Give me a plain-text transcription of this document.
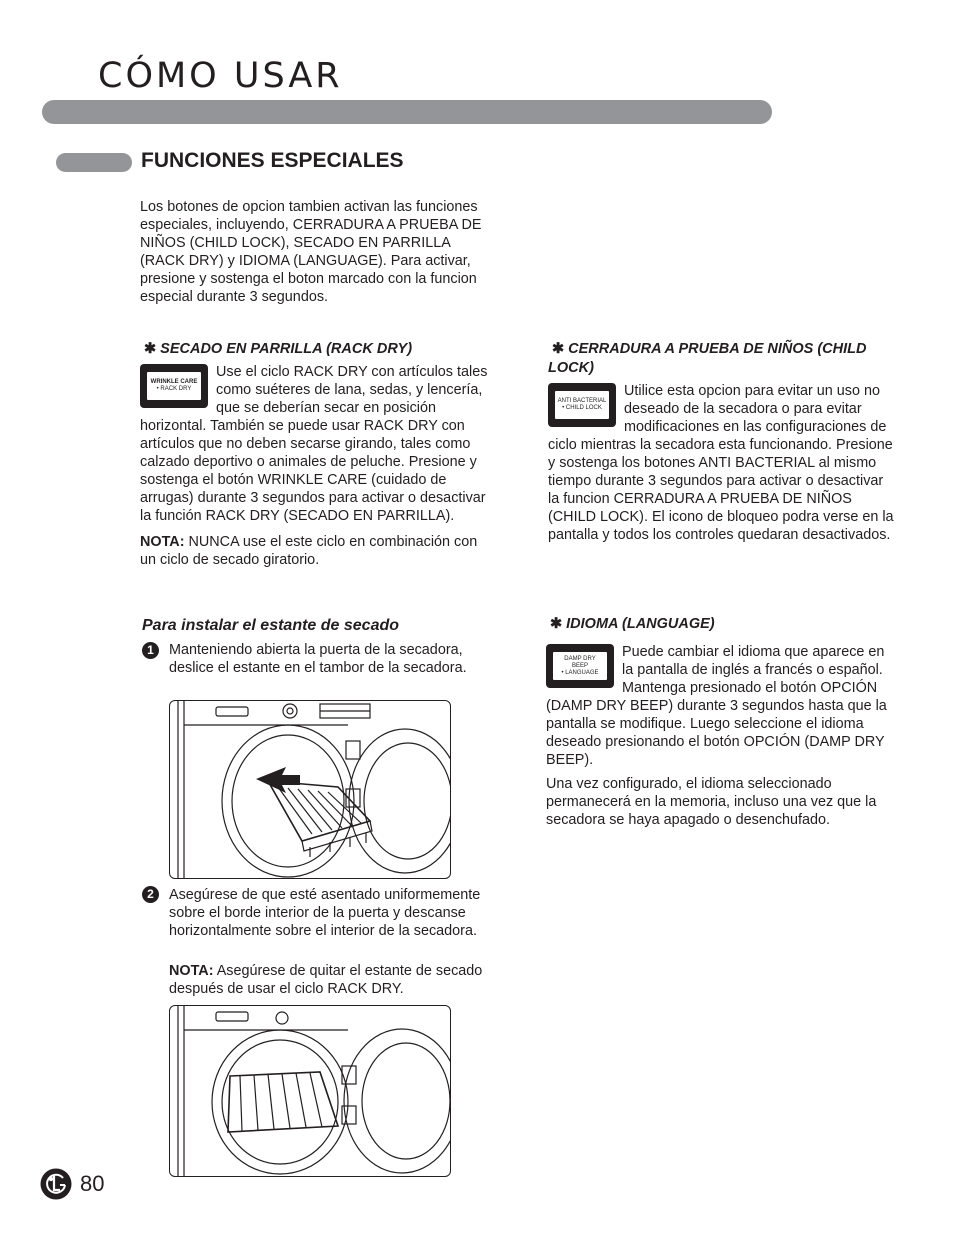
CÓMO USAR
FUNCIONES ESPECIALES

Los botones de opcion tambien activan las funciones especiales, incluyendo, CERRADURA A PRUEBA DE NIÑOS (CHILD LOCK), SECADO EN PARRILLA (RACK DRY) y IDIOMA (LANGUAGE). Para activar, presione y sostenga el boton marcado con la funcion especial durante 3 segundos.

✱ SECADO EN PARRILLA (RACK DRY)
WRINKLE CARE
• RACK DRY

Use el ciclo RACK DRY con artículos tales como suéteres de lana, sedas, y lencería, que se deberían secar en posición horizontal. También se puede usar RACK DRY con artículos que no deben secarse girando, tales como calzado deportivo o animales de peluche. Presione y sostenga el botón WRINKLE CARE (cuidado de arrugas) durante 3 segundos para activar o desactivar la función RACK DRY (SECADO EN PARRILLA).

NOTA: NUNCA use el este ciclo en combinación con un ciclo de secado giratorio.

Para instalar el estante de secado
1	Manteniendo abierta la puerta de la secadora, deslice el estante en el tambor de la secadora.

2	Asegúrese de que esté asentado uniformemente sobre el borde interior de la puerta y descanse horizontalmente sobre el interior de la secadora.

NOTA: Asegúrese de quitar el estante de secado después de usar el ciclo RACK DRY.

✱ CERRADURA A PRUEBA DE NIÑOS (CHILD LOCK)
ANTI BACTERIAL
• CHILD LOCK

Utilice esta opcion para evitar un uso no deseado de la secadora o para evitar modificaciones en las configuraciones de ciclo mientras la secadora esta funcionando. Presione y sostenga los botones ANTI BACTERIAL al mismo tiempo durante 3 segundos para activar o desactivar la funcion CERRADURA A PRUEBA DE NIÑOS (CHILD LOCK). El icono de bloqueo podra verse en la pantalla y todos los controles quedaran desactivados.

✱ IDIOMA (LANGUAGE)
DAMP DRY
BEEP
• LANGUAGE

Puede cambiar el idioma que aparece en la pantalla de inglés a francés o español. Mantenga presionado el botón OPCIÓN (DAMP DRY BEEP) durante 3 segundos hasta que la pantalla se modifique. Luego seleccione el idioma deseado presionando el botón OPCIÓN (DAMP DRY BEEP).

Una vez configurado, el idioma seleccionado permanecerá en la memoria, incluso una vez que la secadora se haya apagado o desenchufado.

80
